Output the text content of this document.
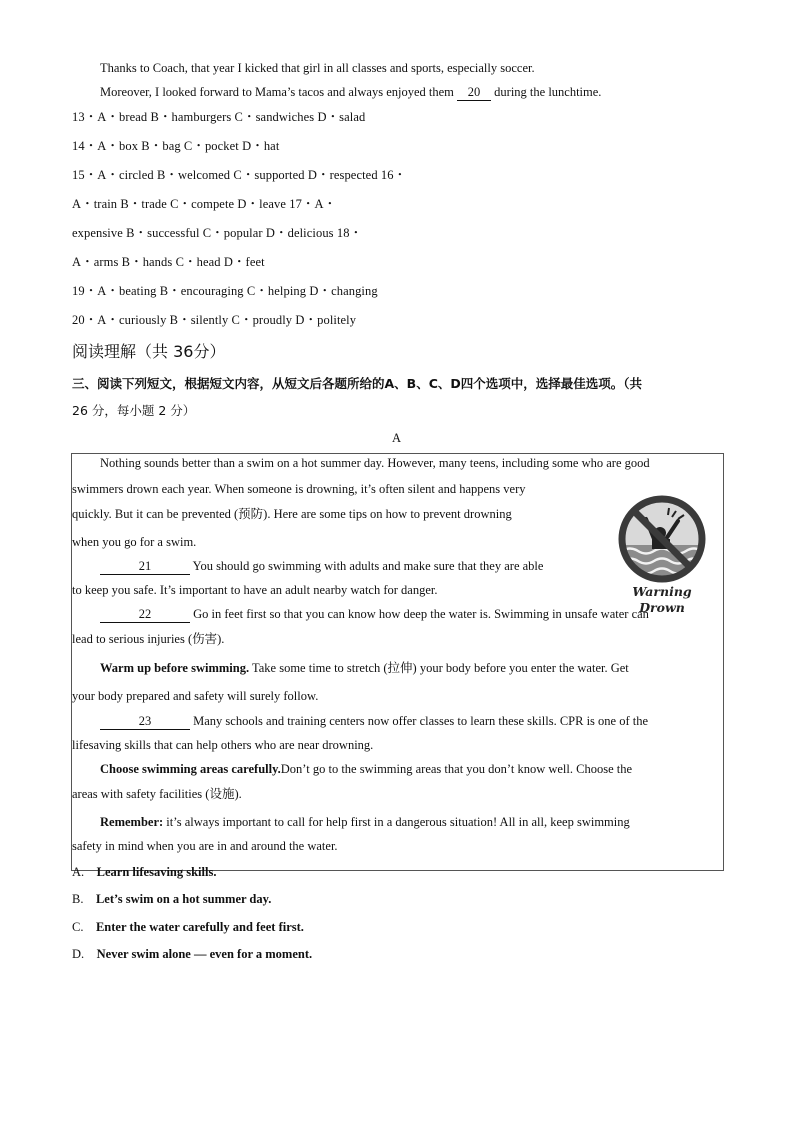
Thanks to Coach, that year I kicked that girl in all classes and sports, especially soccer.
Moreover, I looked forward to Mama’s tacos and always enjoyed them 20 during the lunchtime.
13・A・bread B・hamburgers C・sandwiches D・salad
14・A・box B・bag C・pocket D・hat
15・A・circled B・welcomed C・supported D・respected 16・
A・train B・trade C・compete D・leave 17・A・
expensive B・successful C・popular D・delicious 18・
A・arms B・hands C・head D・feet
19・A・beating B・encouraging C・helping D・changing
20・A・curiously B・silently C・proudly D・politely
阅读理解（共 36分）
三、阅读下列短文，根据短文内容，从短文后各题所给的A、B、C、D四个选项中，选择最佳选项。（共
26 分，每小题 2 分）
A
Nothing sounds better than a swim on a hot summer day. However, many teens, including some who are good
swimmers drown each year. When someone is drowning, it’s often silent and happens very
quickly. But it can be prevented (预防). Here are some tips on how to prevent drowning
when you go for a swim.
21	You should go swimming with adults and make sure that they are able
to keep you safe. It’s important to have an adult nearby watch for danger.
22	Go in feet first so that you can know how deep the water is. Swimming in unsafe water can
lead to serious injuries (伤害).
Warm up before swimming. Take some time to stretch (拉伸) your body before you enter the water. Get
your body prepared and safety will surely follow.
23	Many schools and training centers now offer classes to learn these skills. CPR is one of the
lifesaving skills that can help others who are near drowning.
Choose swimming areas carefully.Don’t go to the swimming areas that you don’t know well. Choose the
areas with safety facilities (设施).
Remember: it’s always important to call for help first in a dangerous situation! All in all, keep swimming
safety in mind when you are in and around the water.
Warning Drown
A. Learn lifesaving skills.
B. Let’s swim on a hot summer day.
C. Enter the water carefully and feet first.
D. Never swim alone — even for a moment.
